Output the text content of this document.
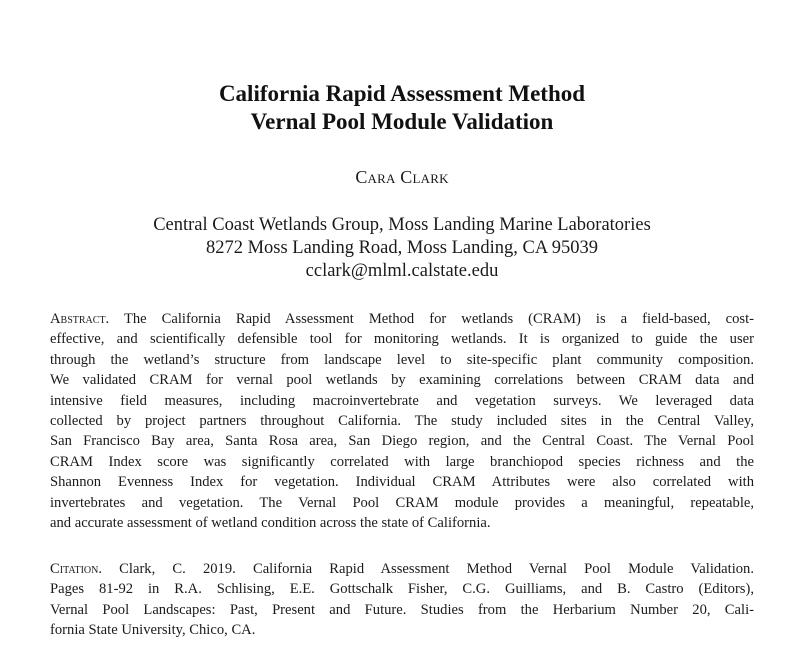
California Rapid Assessment Method
Vernal Pool Module Validation
Cara Clark
Central Coast Wetlands Group, Moss Landing Marine Laboratories
8272 Moss Landing Road, Moss Landing, CA 95039
cclark@mlml.calstate.edu
Abstract. The California Rapid Assessment Method for wetlands (CRAM) is a field-based, cost-
effective, and scientifically defensible tool for monitoring wetlands. It is organized to guide the user
through the wetland’s structure from landscape level to site-specific plant community composition.
We validated CRAM for vernal pool wetlands by examining correlations between CRAM data and
intensive field measures, including macroinvertebrate and vegetation surveys. We leveraged data
collected by project partners throughout California. The study included sites in the Central Valley,
San Francisco Bay area, Santa Rosa area, San Diego region, and the Central Coast. The Vernal Pool
CRAM Index score was significantly correlated with large branchiopod species richness and the
Shannon Evenness Index for vegetation. Individual CRAM Attributes were also correlated with
invertebrates and vegetation. The Vernal Pool CRAM module provides a meaningful, repeatable,
and accurate assessment of wetland condition across the state of California.
Citation. Clark, C. 2019. California Rapid Assessment Method Vernal Pool Module Validation.
Pages 81-92 in R.A. Schlising, E.E. Gottschalk Fisher, C.G. Guilliams, and B. Castro (Editors),
Vernal Pool Landscapes: Past, Present and Future. Studies from the Herbarium Number 20, Cali-
fornia State University, Chico, CA.
